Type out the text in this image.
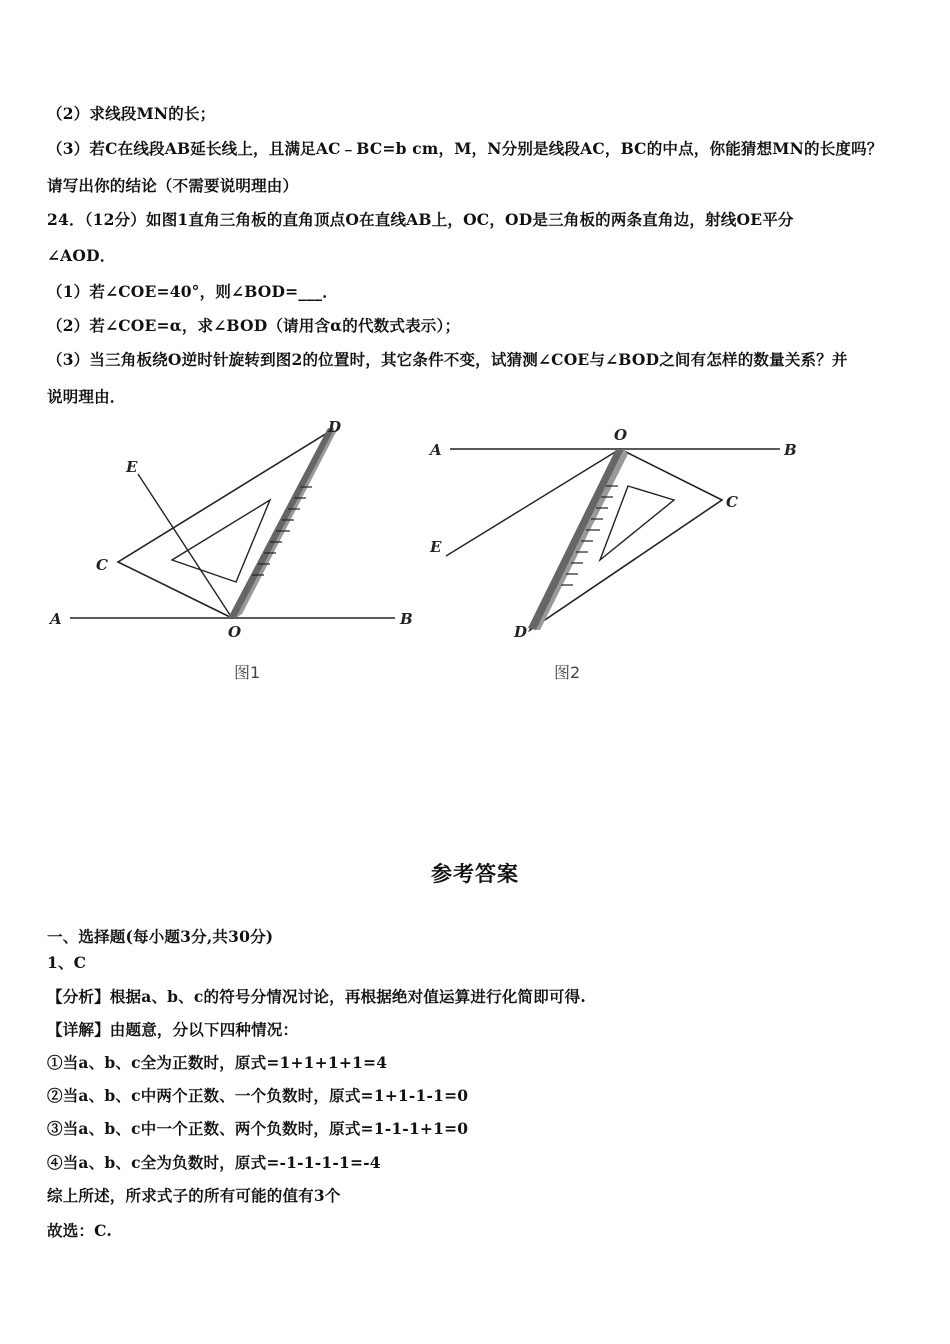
（2）求线段MN的长；
（3）若C在线段AB延长线上，且满足AC﹣BC=b cm，M，N分别是线段AC，BC的中点，你能猜想MN的长度吗？
请写出你的结论（不需要说明理由）
24．（12分）如图1直角三角板的直角顶点O在直线AB上，OC，OD是三角板的两条直角边，射线OE平分
∠AOD．
（1）若∠COE=40°，则∠BOD=___．
（2）若∠COE=α，求∠BOD（请用含α的代数式表示）；
（3）当三角板绕O逆时针旋转到图2的位置时，其它条件不变，试猜测∠COE与∠BOD之间有怎样的数量关系？并
说明理由．
D
E
C
A
O
B
图1
O
A	B
C
E
D
图2
参考答案
一、选择题(每小题3分,共30分)
1、C
【分析】根据a、b、c的符号分情况讨论，再根据绝对值运算进行化简即可得.
【详解】由题意，分以下四种情况：
①当a、b、c全为正数时，原式=1+1+1+1=4
②当a、b、c中两个正数、一个负数时，原式=1+1-1-1=0
③当a、b、c中一个正数、两个负数时，原式=1-1-1+1=0
④当a、b、c全为负数时，原式=-1-1-1-1=-4
综上所述，所求式子的所有可能的值有3个
故选：C.
